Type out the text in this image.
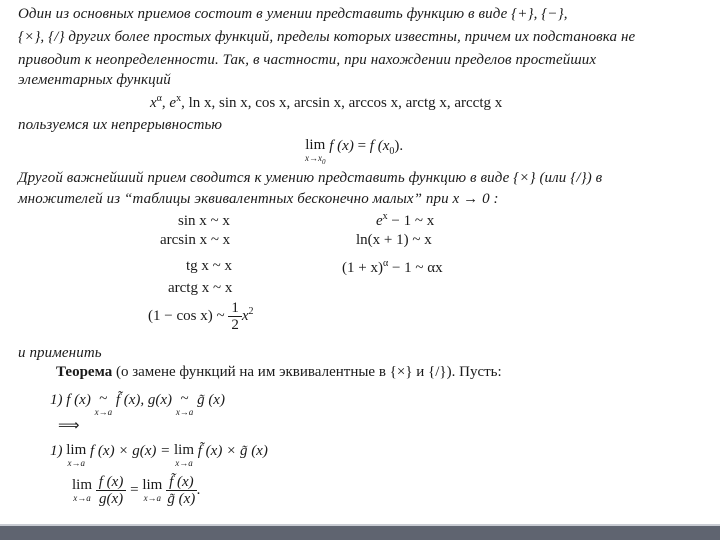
Один из основных приемов состоит в умении представить функцию в виде {+}, {−},
{×}, {/} других более простых функций, пределы которых известны, причем их подстановка не
приводит к неопределенности. Так, в частности, при нахождении пределов простейших
элементарных функций
$x^\alpha$, $e^x$, ln x, sin x, cos x, arcsin x, arccos x, arctg x, arcctg x
пользуемся их непрерывностью
lim
$x\to x_0$
f (x) = f $(x_0)$.
Другой важнейший прием сводится к умению представить функцию в виде {×} (или {/}) в
множителей из “таблицы эквивалентных бесконечно малых” при x → 0 :
sin x ~ x
arcsin x ~ x
tg x ~ x
arctg x ~ x
(1 − cos x) ~ $\frac{1}{2} x^2$
$e^x - 1$ ~ x
ln(x + 1) ~ x
$(1 + x)^\alpha - 1$ ~ αx
и применить
Теорема (о замене функций на им эквивалентные в {×} и {/}). Пусть:
1) f (x) ~
x→a
f̃ (x), g(x) ~
x→a
g̃ (x)
⟹
1) lim
x→a
f (x) × g(x) = lim
x→a
f̃ (x) × g̃ (x)
lim
x→a
$\frac{f (x)}{g(x)} = \lim$
x→a
$\frac{f̃ (x)}{g̃ (x)}$ .
